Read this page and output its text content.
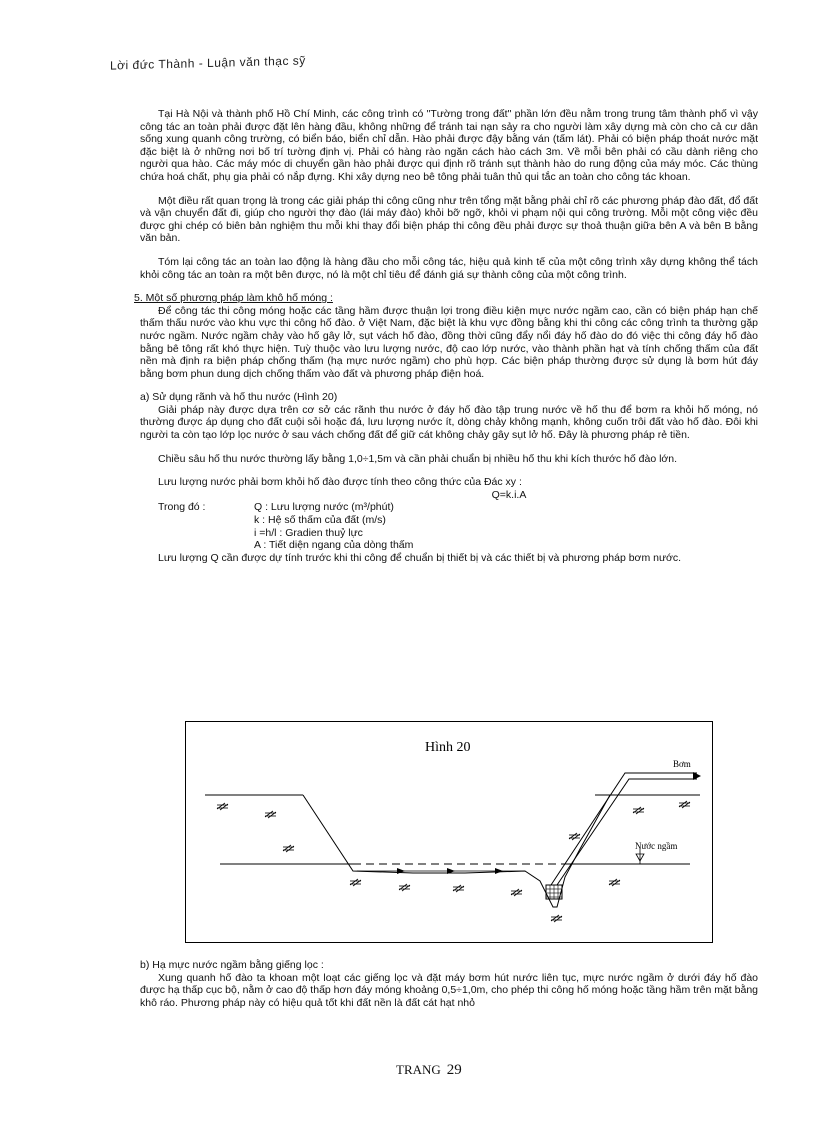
Lời đức Thành - Luận văn thạc sỹ

Tại Hà Nội và thành phố Hồ Chí Minh, các công trình có "Tường trong đất" phần lớn đều nằm trong trung tâm thành phố vì vậy công tác an toàn phải được đặt lên hàng đầu, không những để tránh tai nạn sảy ra cho người làm xây dựng mà còn cho cả cư dân sống xung quanh công trường, có biển báo, biển chỉ dẫn. Hào phải được đậy bằng ván (tấm lát). Phải có biện pháp thoát nước mặt đặc biệt là ở những nơi bố trí tường định vị. Phải có hàng rào ngăn cách hào cách 3m. Về mỗi bên phải có cầu dành riêng cho người qua hào. Các máy móc di chuyển gần hào phải được qui định rõ tránh sụt thành hào do rung động của máy móc. Các thùng chứa hoá chất, phụ gia phải có nắp đựng. Khi xây dựng neo bê tông phải tuân thủ qui tắc an toàn cho công tác khoan.

Một điều rất quan trọng là trong các giải pháp thi công cũng như trên tổng mặt bằng phải chỉ rõ các phương pháp đào đất, đổ đất và vận chuyển đất đi, giúp cho người thợ đào (lái máy đào) khỏi bỡ ngỡ, khỏi vi phạm nội qui công trường. Mỗi một công việc đều được ghi chép có biên bản nghiệm thu mỗi khi thay đổi biện pháp thi công đều phải được sự thoả thuận giữa bên A và bên B bằng văn bản.

Tóm lại công tác an toàn lao động là hàng đầu cho mỗi công tác, hiệu quả kinh tế của một công trình xây dựng không thể tách khỏi công tác an toàn ra một bên được, nó là một chỉ tiêu để đánh giá sự thành công của một công trình.

5. Một số phương pháp làm khô hố móng :

Để công tác thi công móng hoặc các tầng hầm được thuận lợi trong điều kiện mực nước ngầm cao, cần có biện pháp hạn chế thấm thấu nước vào khu vực thi công hố đào. ở Việt Nam, đặc biệt là khu vực đồng bằng khi thi công các công trình ta thường gặp nước ngầm. Nước ngầm chảy vào hố gây lở, sụt vách hố đào, đồng thời cũng đẩy nổi đáy hố đào do đó việc thi công đáy hố đào bằng bê tông rất khó thực hiện. Tuỳ thuộc vào lưu lượng nước, độ cao lớp nước, vào thành phần hạt và tính chống thấm của đất nền mà định ra biện pháp chống thấm (hạ mực nước ngầm) cho phù hợp. Các biện pháp thường được sử dụng là bơm hút đáy bằng bơm phun dung dịch chống thấm vào đất và phương pháp điện hoá.

a) Sử dụng rãnh và hố thu nước (Hình 20)

Giải pháp này được dựa trên cơ sở các rãnh thu nước ở đáy hố đào tập trung nước về hố thu để bơm ra khỏi hố móng, nó thường được áp dụng cho đất cuội sỏi hoặc đá, lưu lượng nước ít, dòng chảy không mạnh, không cuốn trôi đất vào hố đào. Đôi khi người ta còn tạo lớp lọc nước ở sau vách chống đất để giữ cát không chảy gây sụt lở hố. Đây là phương pháp rẻ tiền.

Chiều sâu hố thu nước thường lấy bằng 1,0÷1,5m và cần phải chuẩn bị nhiều hố thu khi kích thước hố đào lớn.

Lưu lượng nước phải bơm khỏi hố đào được tính theo công thức của Đác xy :

Q=k.i.A

Trong đó :	Q : Lưu lượng nước (m³/phút)
k : Hệ số thấm của đất (m/s)
i =h/l : Gradien thuỷ lực
A : Tiết diện ngang của dòng thấm

Lưu lượng Q cần được dự tính trước khi thi công để chuẩn bị thiết bị và các thiết bị và phương pháp bơm nước.

Hình 20
Bơm
Nước ngầm

b) Hạ mực nước ngầm bằng giếng lọc :

Xung quanh hố đào ta khoan một loạt các giếng lọc và đặt máy bơm hút nước liên tục, mực nước ngầm ở dưới đáy hố đào được hạ thấp cục bộ, nằm ở cao độ thấp hơn đáy móng khoảng 0,5÷1,0m, cho phép thi công hố móng hoặc tầng hầm trên mặt bằng khô ráo. Phương pháp này có hiệu quả tốt khi đất nền là đất cát hạt nhỏ

TRANG 29
